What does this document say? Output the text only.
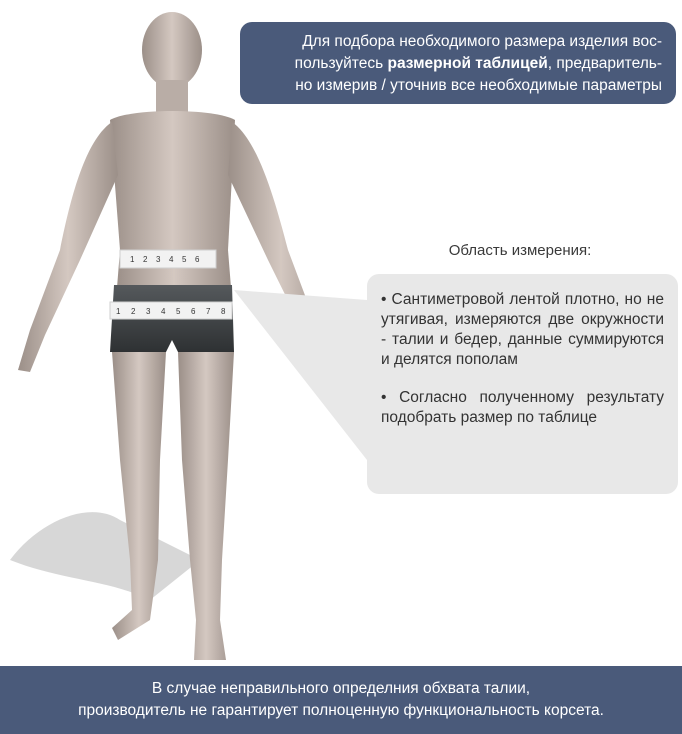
1 2 3 4 5 6
1 2 3 4 5 6 7 8
Для подбора необходимого размера изделия вос-
пользуйтесь размерной таблицей, предваритель-
но измерив / уточнив все необходимые параметры
Область измерения:

• Сантиметровой лентой плотно, но не утягивая, измеряются две окружности - талии и бедер, данные суммируются и делятся пополам

• Согласно полученному результату подобрать размер по таблице

В случае неправильного определния обхвата талии,
производитель не гарантирует полноценную функциональность корсета.
